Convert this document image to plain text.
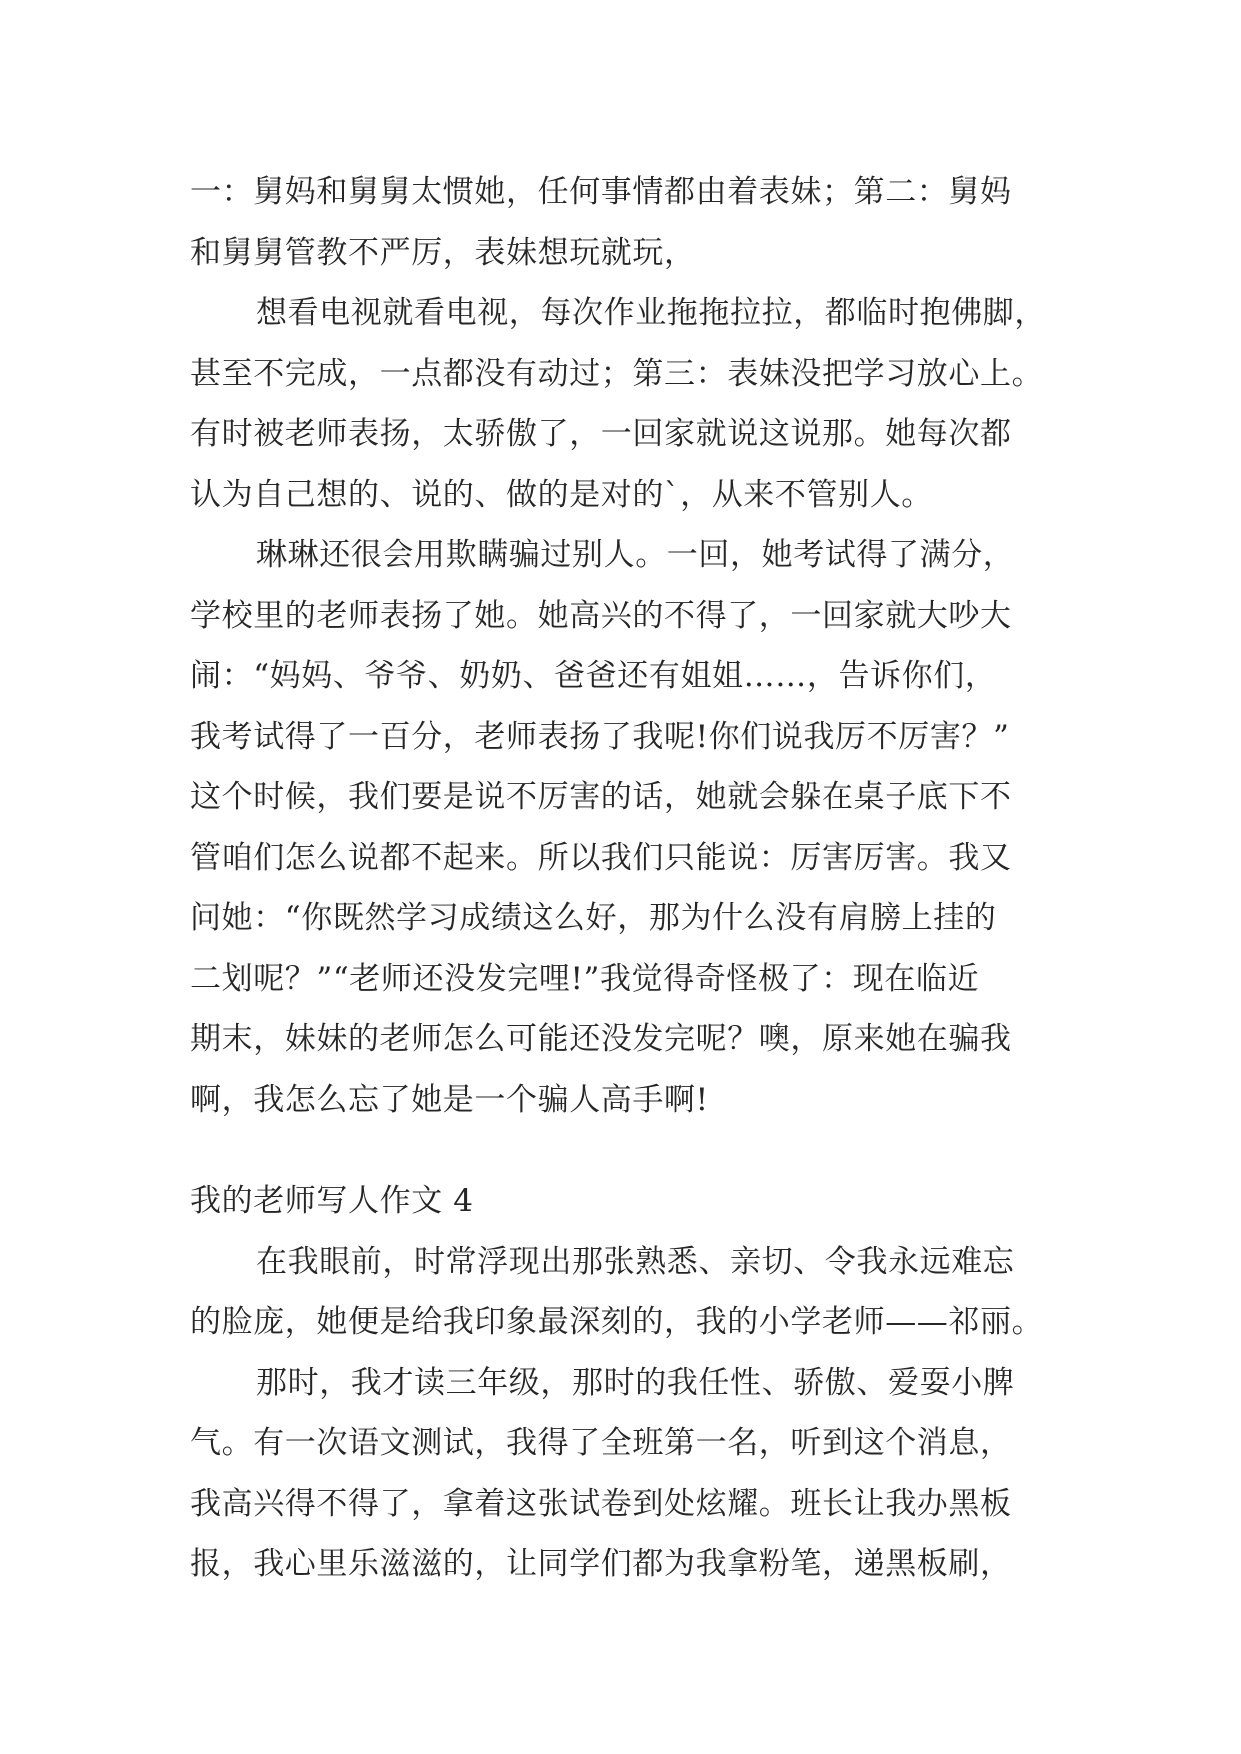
一：舅妈和舅舅太惯她，任何事情都由着表妹；第二：舅妈
和舅舅管教不严厉，表妹想玩就玩，
想看电视就看电视，每次作业拖拖拉拉，都临时抱佛脚，
甚至不完成，一点都没有动过；第三：表妹没把学习放心上。
有时被老师表扬，太骄傲了，一回家就说这说那。她每次都
认为自己想的、说的、做的是对的`，从来不管别人。
琳琳还很会用欺瞒骗过别人。一回，她考试得了满分，
学校里的老师表扬了她。她高兴的不得了，一回家就大吵大
闹：“妈妈、爷爷、奶奶、爸爸还有姐姐……，告诉你们，
我考试得了一百分，老师表扬了我呢!你们说我厉不厉害？”
这个时候，我们要是说不厉害的话，她就会躲在桌子底下不
管咱们怎么说都不起来。所以我们只能说：厉害厉害。我又
问她：“你既然学习成绩这么好，那为什么没有肩膀上挂的
二划呢？”“老师还没发完哩!”我觉得奇怪极了：现在临近
期末，妹妹的老师怎么可能还没发完呢？噢，原来她在骗我
啊，我怎么忘了她是一个骗人高手啊!
我的老师写人作文 4
在我眼前，时常浮现出那张熟悉、亲切、令我永远难忘
的脸庞，她便是给我印象最深刻的，我的小学老师——祁丽。
那时，我才读三年级，那时的我任性、骄傲、爱耍小脾
气。有一次语文测试，我得了全班第一名，听到这个消息，
我高兴得不得了，拿着这张试卷到处炫耀。班长让我办黑板
报，我心里乐滋滋的，让同学们都为我拿粉笔，递黑板刷，
